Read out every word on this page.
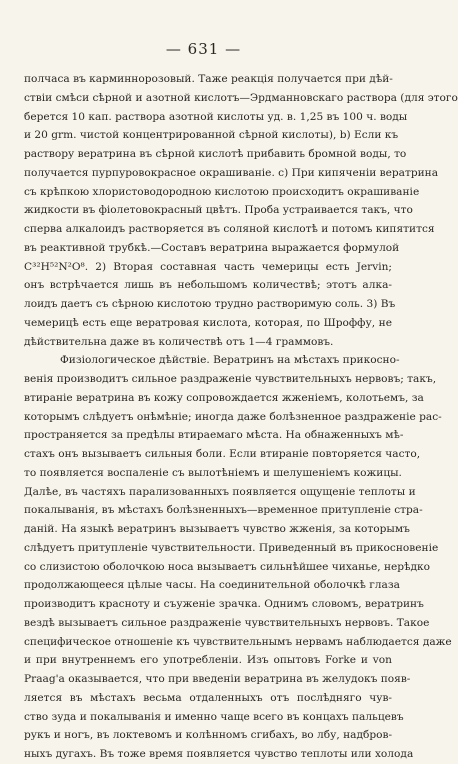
— 631 —
полчаса въ карминнорозовый. Таже реакція получается при дѣй-
ствіи смѣси сѣрной и азотной кислотъ—Эрдманновскаго раствора (для этого
берется 10 кап. раствора азотной кислоты уд. в. 1,25 въ 100 ч. воды
и 20 grm. чистой концентрированной сѣрной кислоты), b) Если къ
раствору вератрина въ сѣрной кислотѣ прибавить бромной воды, то
получается пурпуровокрасное окрашиваніе. c) При кипяченіи вератрина
съ крѣпкою хлористоводородною кислотою происходитъ окрашиваніе
жидкости въ фіолетовокрасный цвѣтъ. Проба устраивается такъ, что
сперва алкалоидъ растворяется въ соляной кислотѣ и потомъ кипятится
въ реактивной трубкѣ.—Составъ вератрина выражается формулой
C³²H⁵²N²O⁸. 2) Вторая составная часть чемерицы есть Jervin;
онъ встрѣчается лишь въ небольшомъ количествѣ; этотъ алка-
лоидъ даетъ съ сѣрною кислотою трудно растворимую соль. 3) Въ
чемерицѣ есть еще вератровая кислота, которая, по Шроффу, не
дѣйствительна даже въ количествѣ отъ 1—4 граммовъ.
Физіологическое дѣйствіе. Вератринъ на мѣстахъ прикосно-
венія производитъ сильное раздраженіе чувствительныхъ нервовъ; такъ,
втираніе вератрина въ кожу сопровождается жженіемъ, колотьемъ, за
которымъ слѣдуетъ онѣмѣніе; иногда даже болѣзненное раздраженіе рас-
пространяется за предѣлы втираемаго мѣста. На обнаженныхъ мѣ-
стахъ онъ вызываетъ сильныя боли. Если втираніе повторяется часто,
то появляется воспаленіе съ вылотѣніемъ и шелушеніемъ кожицы.
Далѣе, въ частяхъ парализованныхъ появляется ощущеніе теплоты и
покалыванія, въ мѣстахъ болѣзненныхъ—временное притупленіе стра-
даній. На языкѣ вератринъ вызываетъ чувство жженія, за которымъ
слѣдуетъ притупленіе чувствительности. Приведенный въ прикосновеніе
со слизистою оболочкою носа вызываетъ сильнѣйшее чиханье, нерѣдко
продолжающееся цѣлые часы. На соединительной оболочкѣ глаза
производитъ краснотy и съуженіе зрачка. Однимъ словомъ, вератринъ
вездѣ вызываетъ сильное раздраженіе чувствительныхъ нервовъ. Такое
специфическое отношеніе къ чувствительнымъ нервамъ наблюдается даже
и при внутреннемъ его употребленіи. Изъ опытовъ Forke и von
Praag'a оказывается, что при введеніи вератрина въ желудокъ появ-
ляется въ мѣстахъ весьма отдаленныхъ отъ послѣдняго чув-
ство зуда и покалыванія и именно чаще всего въ концахъ пальцевъ
рукъ и ногъ, въ локтевомъ и колѣнномъ сгибахъ, во лбу, надбров-
ныхъ дугахъ. Въ тоже время появляется чувство теплоты или холода
